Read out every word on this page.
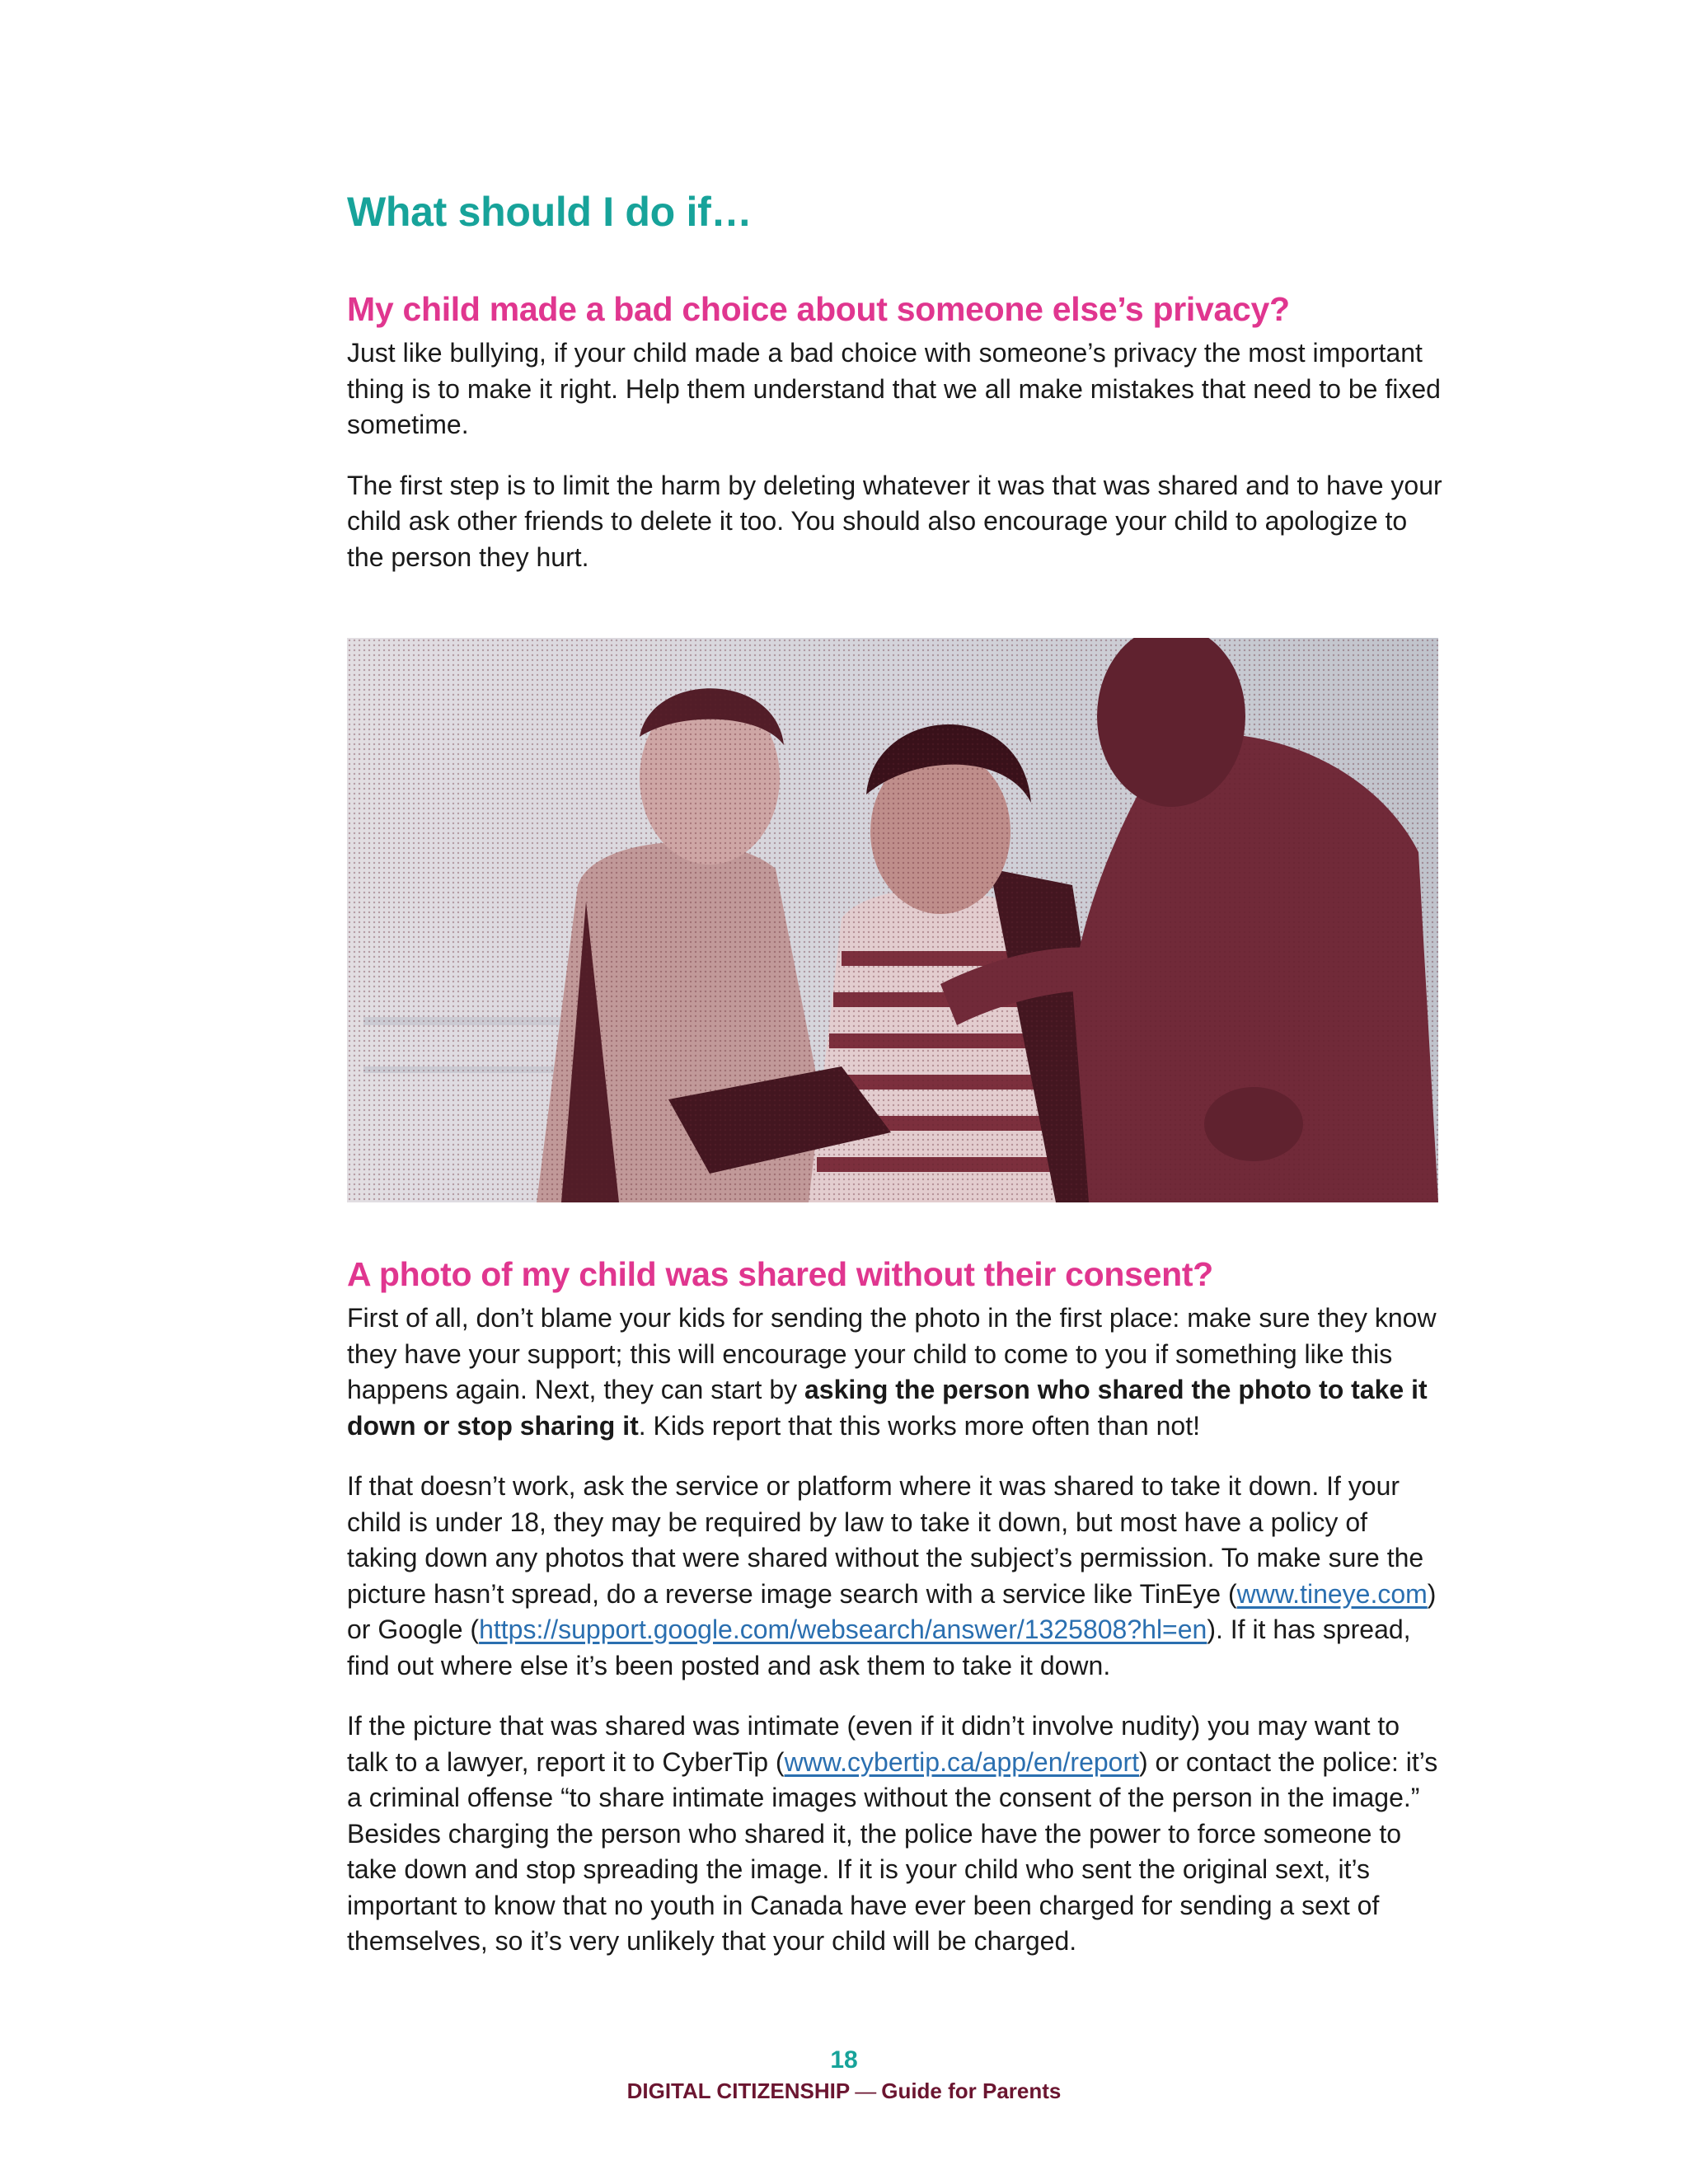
What should I do if…
My child made a bad choice about someone else’s privacy?

Just like bullying, if your child made a bad choice with someone’s privacy the most important thing is to make it right. Help them understand that we all make mistakes that need to be fixed sometime.

The first step is to limit the harm by deleting whatever it was that was shared and to have your child ask other friends to delete it too. You should also encourage your child to apologize to the person they hurt.

A photo of my child was shared without their consent?

First of all, don’t blame your kids for sending the photo in the first place: make sure they know they have your support; this will encourage your child to come to you if something like this happens again. Next, they can start by asking the person who shared the photo to take it down or stop sharing it. Kids report that this works more often than not!

If that doesn’t work, ask the service or platform where it was shared to take it down. If your child is under 18, they may be required by law to take it down, but most have a policy of taking down any photos that were shared without the subject’s permission. To make sure the picture hasn’t spread, do a reverse image search with a service like TinEye (www.tineye.com) or Google (https://support.google.com/websearch/answer/1325808?hl=en). If it has spread, find out where else it’s been posted and ask them to take it down.

If the picture that was shared was intimate (even if it didn’t involve nudity) you may want to talk to a lawyer, report it to CyberTip (www.cybertip.ca/app/en/report) or contact the police: it’s a criminal offense “to share intimate images without the consent of the person in the image.” Besides charging the person who shared it, the police have the power to force someone to take down and stop spreading the image. If it is your child who sent the original sext, it’s important to know that no youth in Canada have ever been charged for sending a sext of themselves, so it’s very unlikely that your child will be charged.

18
DIGITAL CITIZENSHIP — Guide for Parents
